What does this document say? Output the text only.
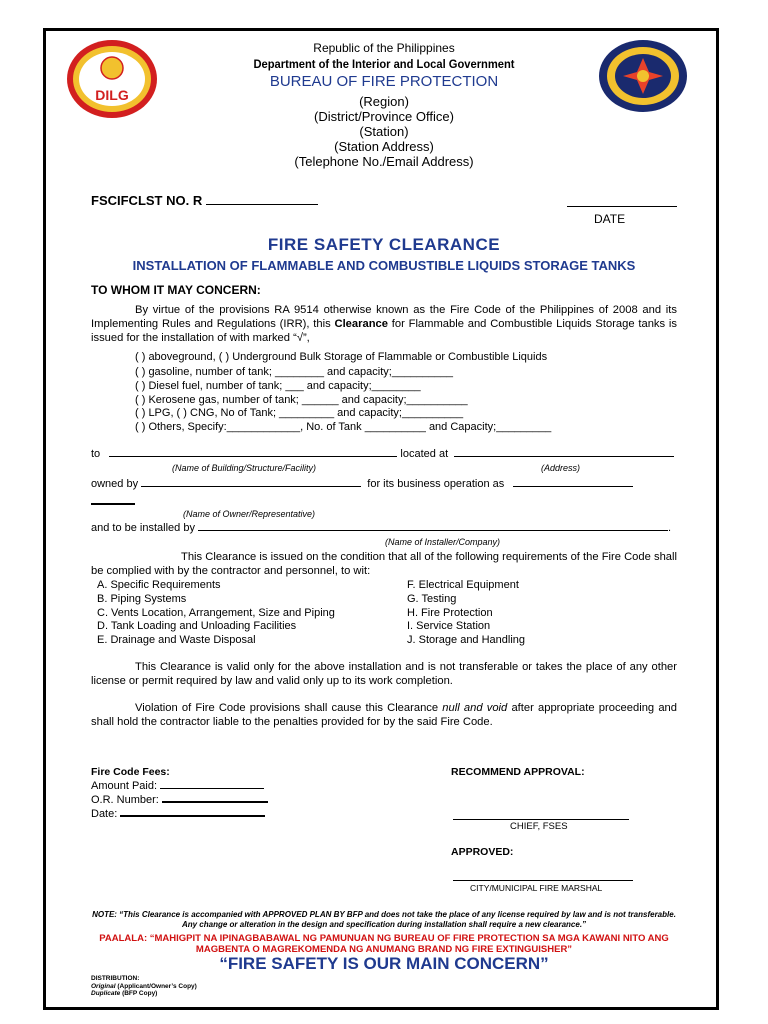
DILG
Republic of the Philippines
Department of the Interior and Local Government
BUREAU OF FIRE PROTECTION
(Region)
(District/Province Office)
(Station)
(Station Address)
(Telephone No./Email Address)
FSCIFCLST NO. R
DATE
FIRE SAFETY CLEARANCE
INSTALLATION OF FLAMMABLE AND COMBUSTIBLE LIQUIDS STORAGE TANKS
TO WHOM IT MAY CONCERN:
By virtue of the provisions RA 9514 otherwise known as the Fire Code of the Philippines of 2008 and its Implementing Rules and Regulations (IRR), this Clearance for Flammable and Combustible Liquids Storage tanks is issued for the installation of with marked “√”,
( ) aboveground, ( ) Underground Bulk Storage of Flammable or Combustible Liquids
( ) gasoline, number of tank; ________ and capacity;__________
( ) Diesel fuel, number of tank; ___ and capacity;________
( ) Kerosene gas, number of tank; ______ and capacity;__________
( ) LPG, ( ) CNG, No of Tank; _________ and capacity;__________
( ) Others, Specify:____________, No. of Tank __________ and Capacity;_________
to	located at
(Name of Building/Structure/Facility)	(Address)
owned by	for its business operation as
(Name of Owner/Representative)
and to be installed by	.
(Name of Installer/Company)
This Clearance is issued on the condition that all of the following requirements of the Fire Code shall be complied with by the contractor and personnel, to wit:
A. Specific Requirements
B. Piping Systems
C. Vents Location, Arrangement, Size and Piping
D. Tank Loading and Unloading Facilities
E. Drainage and Waste Disposal
F. Electrical Equipment
G. Testing
H. Fire Protection
I. Service Station
J. Storage and Handling
This Clearance is valid only for the above installation and is not transferable or takes the place of any other license or permit required by law and valid only up to its work completion.
Violation of Fire Code provisions shall cause this Clearance null and void after appropriate proceeding and shall hold the contractor liable to the penalties provided for by the said Fire Code.
Fire Code Fees:
Amount Paid:
O.R. Number:
Date:
RECOMMEND APPROVAL:
CHIEF, FSES
APPROVED:
CITY/MUNICIPAL FIRE MARSHAL
NOTE: “This Clearance is accompanied with APPROVED PLAN BY BFP and does not take the place of any license required by law and is not transferable. Any change or alteration in the design and specification during installation shall require a new clearance.”
PAALALA: “MAHIGPIT NA IPINAGBABAWAL NG PAMUNUAN NG BUREAU OF FIRE PROTECTION SA MGA KAWANI NITO ANG MAGBENTA O MAGREKOMENDA NG ANUMANG BRAND NG FIRE EXTINGUISHER”
“FIRE SAFETY IS OUR MAIN CONCERN”
DISTRIBUTION:
Original (Applicant/Owner’s Copy)
Duplicate (BFP Copy)
